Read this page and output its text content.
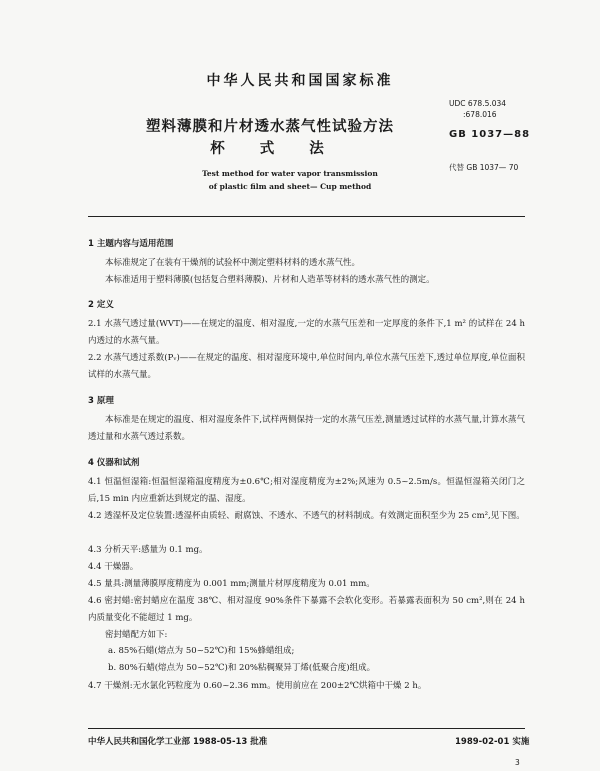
中华人民共和国国家标准
UDC 678.5.034
:678.016
GB 1037—88
代替 GB 1037— 70
塑料薄膜和片材透水蒸气性试验方法
杯 式 法
Test method for water vapor transmission
of plastic film and sheet— Cup method
1 主题内容与适用范围
本标准规定了在装有干燥剂的试验杯中测定塑料材料的透水蒸气性。
本标准适用于塑料薄膜(包括复合塑料薄膜)、片材和人造革等材料的透水蒸气性的测定。
2 定义
2.1 水蒸气透过量(WVT)——在规定的温度、相对湿度,一定的水蒸气压差和一定厚度的条件下,1 m² 的试样在 24 h 内透过的水蒸气量。
2.2 水蒸气透过系数(Pᵥ)——在规定的温度、相对湿度环境中,单位时间内,单位水蒸气压差下,透过单位厚度,单位面积试样的水蒸气量。
3 原理
本标准是在规定的温度、相对湿度条件下,试样两侧保持一定的水蒸气压差,测量透过试样的水蒸气量,计算水蒸气透过量和水蒸气透过系数。
4 仪器和试剂
4.1 恒温恒湿箱:恒温恒湿箱温度精度为±0.6℃;相对湿度精度为±2%;风速为 0.5~2.5m/s。恒温恒湿箱关闭门之后,15 min 内应重新达到规定的温、湿度。
4.2 透湿杯及定位装置:透湿杯由质轻、耐腐蚀、不透水、不透气的材料制成。有效测定面积至少为 25 cm²,见下图。
4.3 分析天平:感量为 0.1 mg。
4.4 干燥器。
4.5 量具:测量薄膜厚度精度为 0.001 mm;测量片材厚度精度为 0.01 mm。
4.6 密封蜡:密封蜡应在温度 38℃、相对湿度 90%条件下暴露不会软化变形。若暴露表面积为 50 cm²,则在 24 h 内质量变化不能超过 1 mg。
密封蜡配方如下:
a. 85%石蜡(熔点为 50~52℃)和 15%蜂蜡组成;
b. 80%石蜡(熔点为 50~52℃)和 20%粘稠聚异丁烯(低聚合度)组成。
4.7 干燥剂:无水氯化钙粒度为 0.60~2.36 mm。使用前应在 200±2℃烘箱中干燥 2 h。
中华人民共和国化学工业部 1988-05-13 批准	1989-02-01 实施
3
